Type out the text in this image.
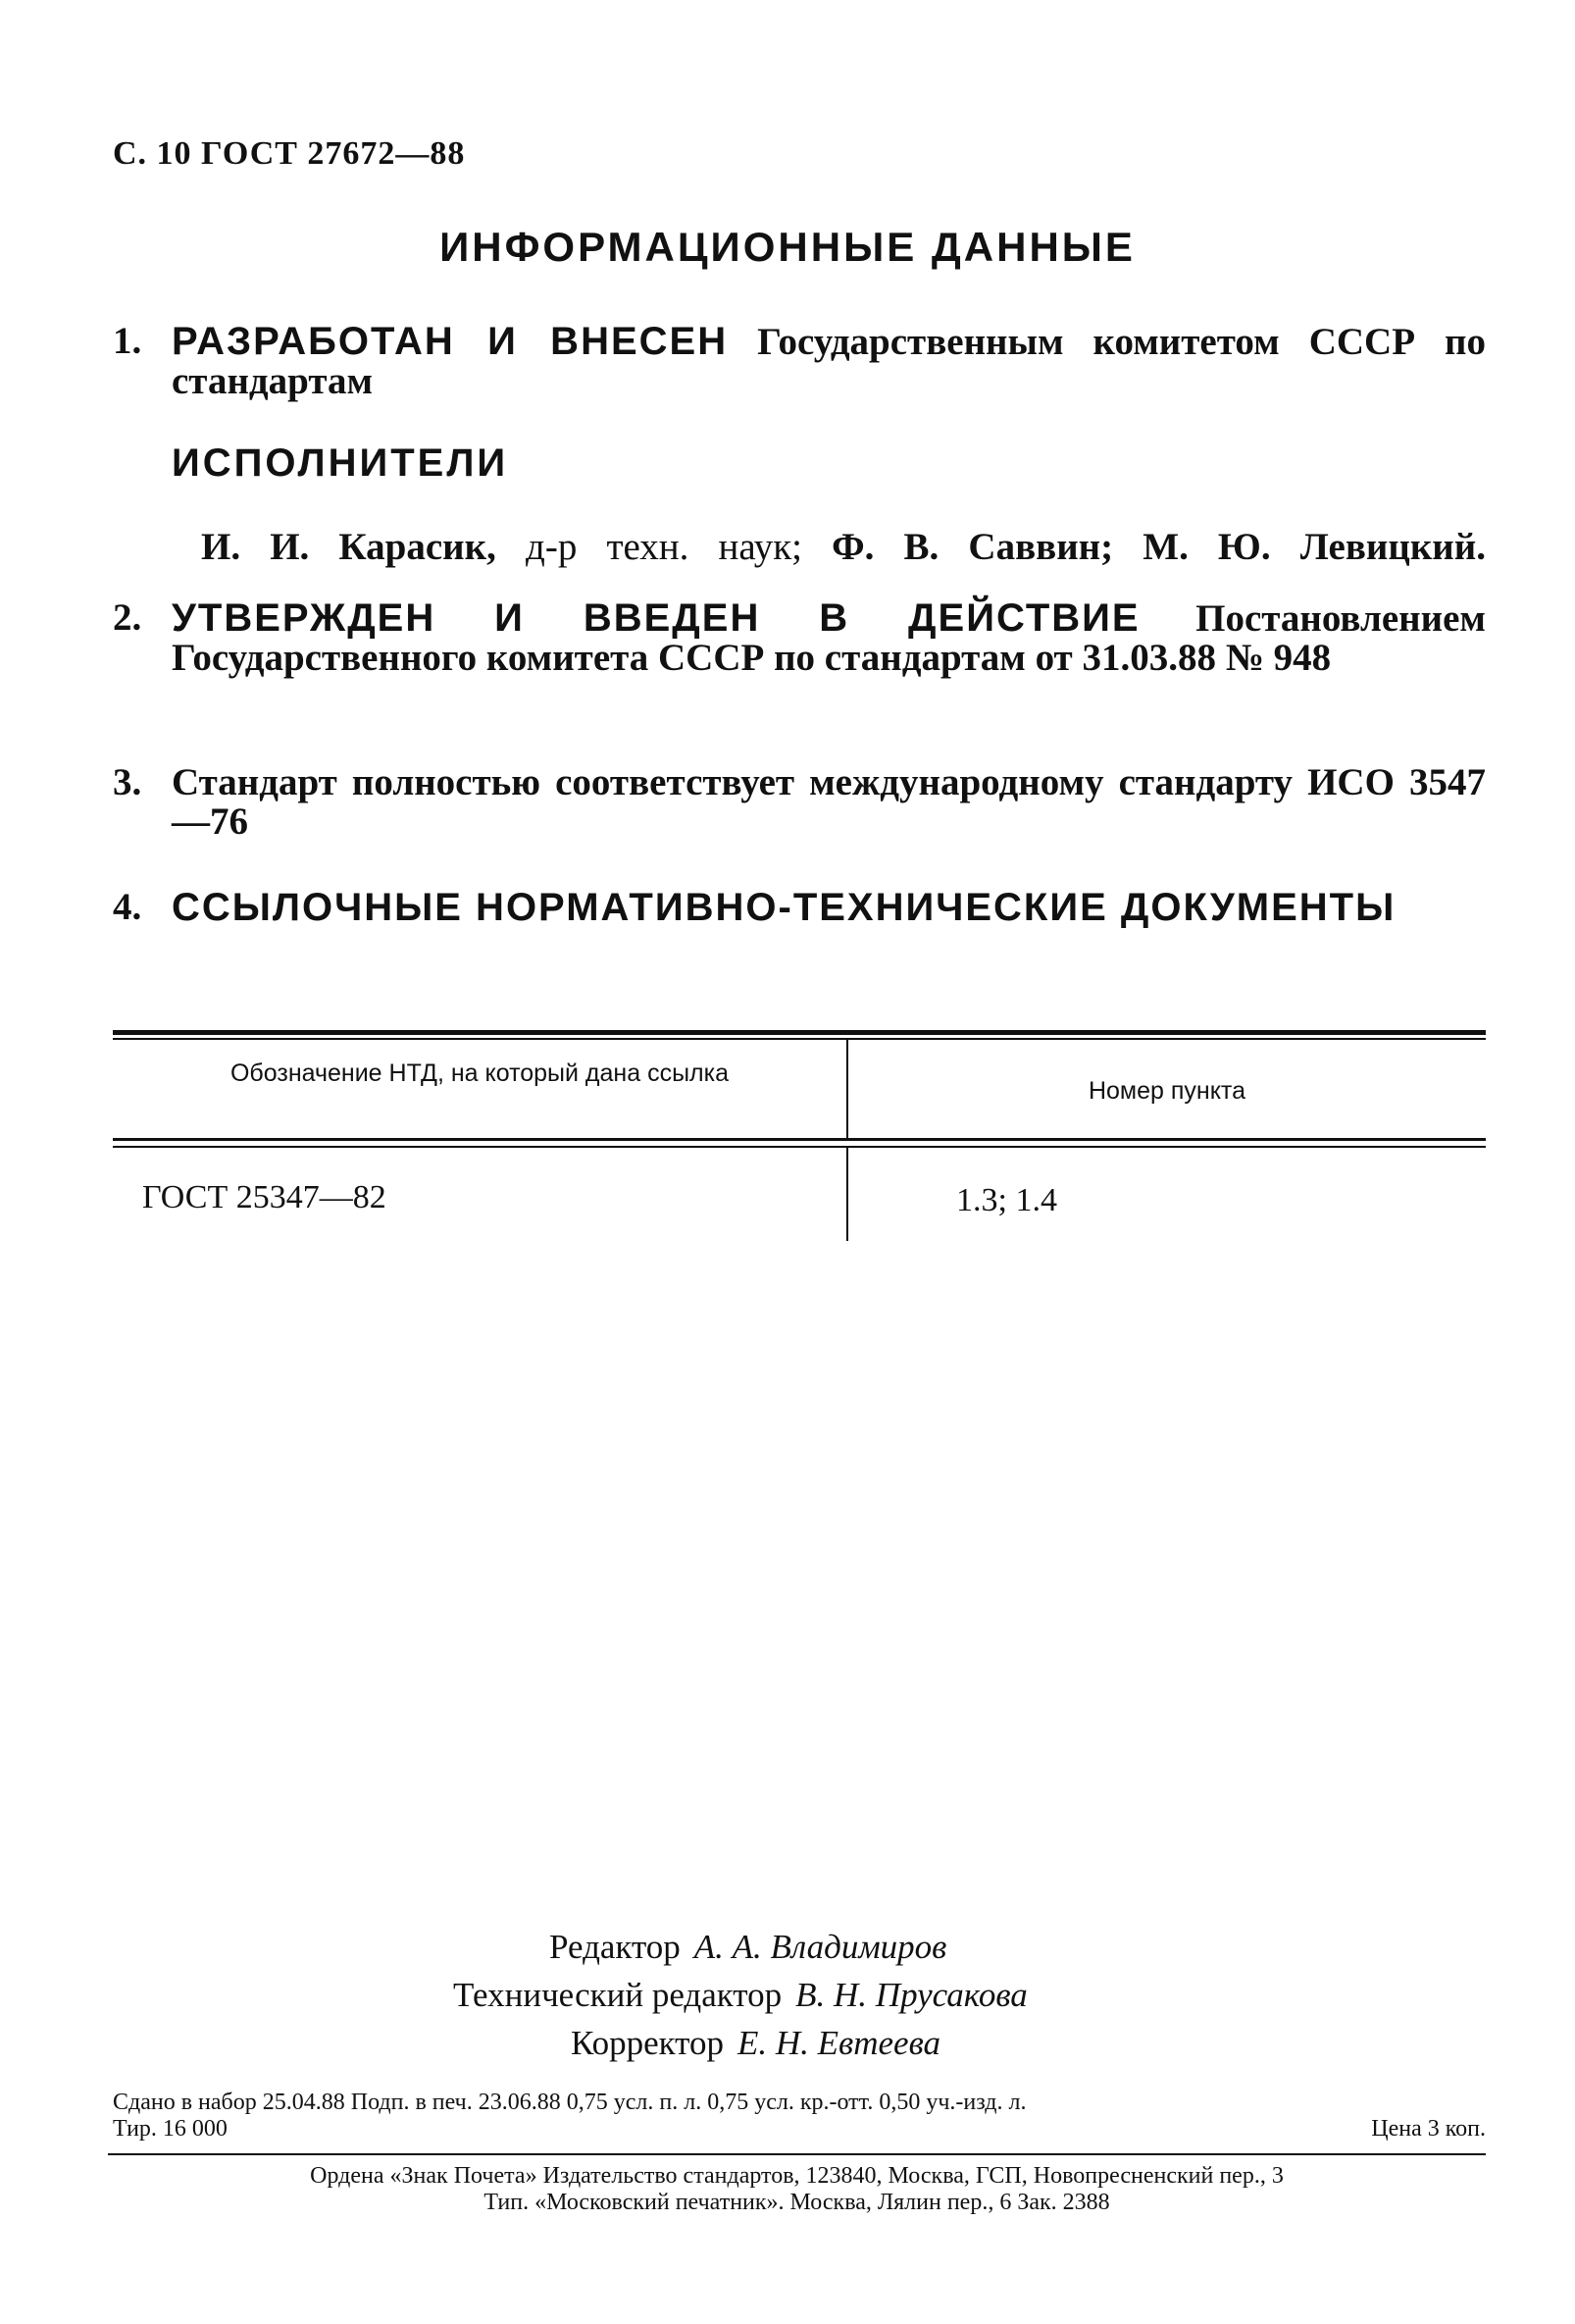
С. 10 ГОСТ 27672—88
ИНФОРМАЦИОННЫЕ ДАННЫЕ
1. РАЗРАБОТАН И ВНЕСЕН Государственным комитетом СССР по стандартам
ИСПОЛНИТЕЛИ
И. И. Карасик, д-р техн. наук; Ф. В. Саввин; М. Ю. Левицкий.
2. УТВЕРЖДЕН И ВВЕДЕН В ДЕЙСТВИЕ Постановлением Государственного комитета СССР по стандартам от 31.03.88 № 948
3. Стандарт полностью соответствует международному стандарту ИСО 3547—76
4. ССЫЛОЧНЫЕ НОРМАТИВНО-ТЕХНИЧЕСКИЕ ДОКУМЕНТЫ
Обозначение НТД, на который дана ссылка
Номер пункта
ГОСТ 25347—82	1.3; 1.4
Редактор А. А. Владимиров
Технический редактор В. Н. Прусакова
Корректор Е. Н. Евтеева
Сдано в набор 25.04.88 Подп. в печ. 23.06.88 0,75 усл. п. л. 0,75 усл. кр.-отт. 0,50 уч.-изд. л.
Тир. 16 000	Цена 3 коп.
Ордена «Знак Почета» Издательство стандартов, 123840, Москва, ГСП, Новопресненский пер., 3
Тип. «Московский печатник». Москва, Лялин пер., 6 Зак. 2388
